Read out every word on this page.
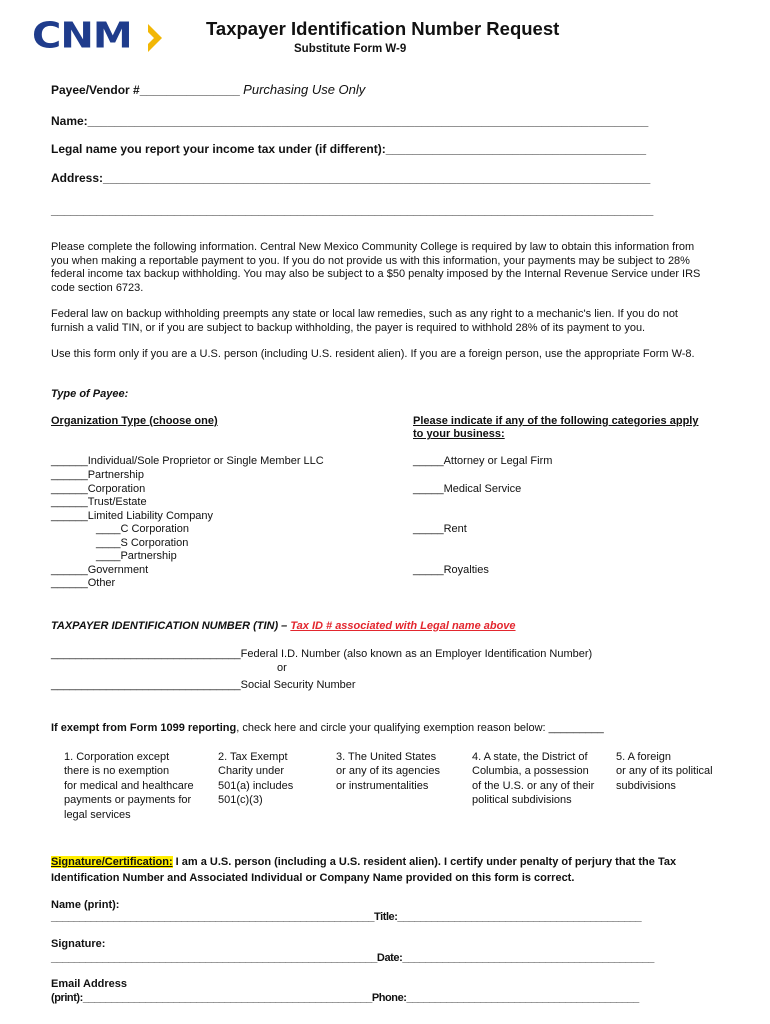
CNM	Taxpayer Identification Number Request
Substitute Form W-9
Payee/Vendor #_______________ Purchasing Use Only
Name:____________________________________________________________________________________
Legal name you report your income tax under (if different):_______________________________________
Address:__________________________________________________________________________________
_____________________________________________________________________________________________
Please complete the following information. Central New Mexico Community College is required by law to obtain this information from you when making a reportable payment to you. If you do not provide us with this information, your payments may be subject to 28% federal income tax backup withholding. You may also be subject to a $50 penalty imposed by the Internal Revenue Service under IRS code section 6723.
Federal law on backup withholding preempts any state or local law remedies, such as any right to a mechanic's lien. If you do not furnish a valid TIN, or if you are subject to backup withholding, the payer is required to withhold 28% of its payment to you.
Use this form only if you are a U.S. person (including U.S. resident alien). If you are a foreign person, use the appropriate Form W-8.
Type of Payee:
Organization Type (choose one)	Please indicate if any of the following categories apply
to your business:
______Individual/Sole Proprietor or Single Member LLC
______Partnership
______Corporation
______Trust/Estate
______Limited Liability Company
____C Corporation
____S Corporation
____Partnership
______Government
______Other
_____Attorney or Legal Firm
_____Medical Service
_____Rent
_____Royalties
TAXPAYER IDENTIFICATION NUMBER (TIN) – Tax ID # associated with Legal name above
_______________________________Federal I.D. Number (also known as an Employer Identification Number)
or
_______________________________Social Security Number
If exempt from Form 1099 reporting, check here and circle your qualifying exemption reason below: _________
1. Corporation except
there is no exemption
for medical and healthcare
payments or payments for
legal services
2. Tax Exempt
Charity under
501(a) includes
501(c)(3)
3. The United States
or any of its agencies
or instrumentalities
4. A state, the District of
Columbia, a possession
of the U.S. or any of their
political subdivisions
5. A foreign
or any of its political
subdivisions
Signature/Certification: I am a U.S. person (including a U.S. resident alien). I certify under penalty of perjury that the Tax
Identification Number and Associated Individual or Company Name provided on this form is correct.
Name (print):
_________________________________________________________Title:___________________________________________
Signature:
_________________________________________________________Date:____________________________________________
Email Address
(print):___________________________________________________Phone:_________________________________________
